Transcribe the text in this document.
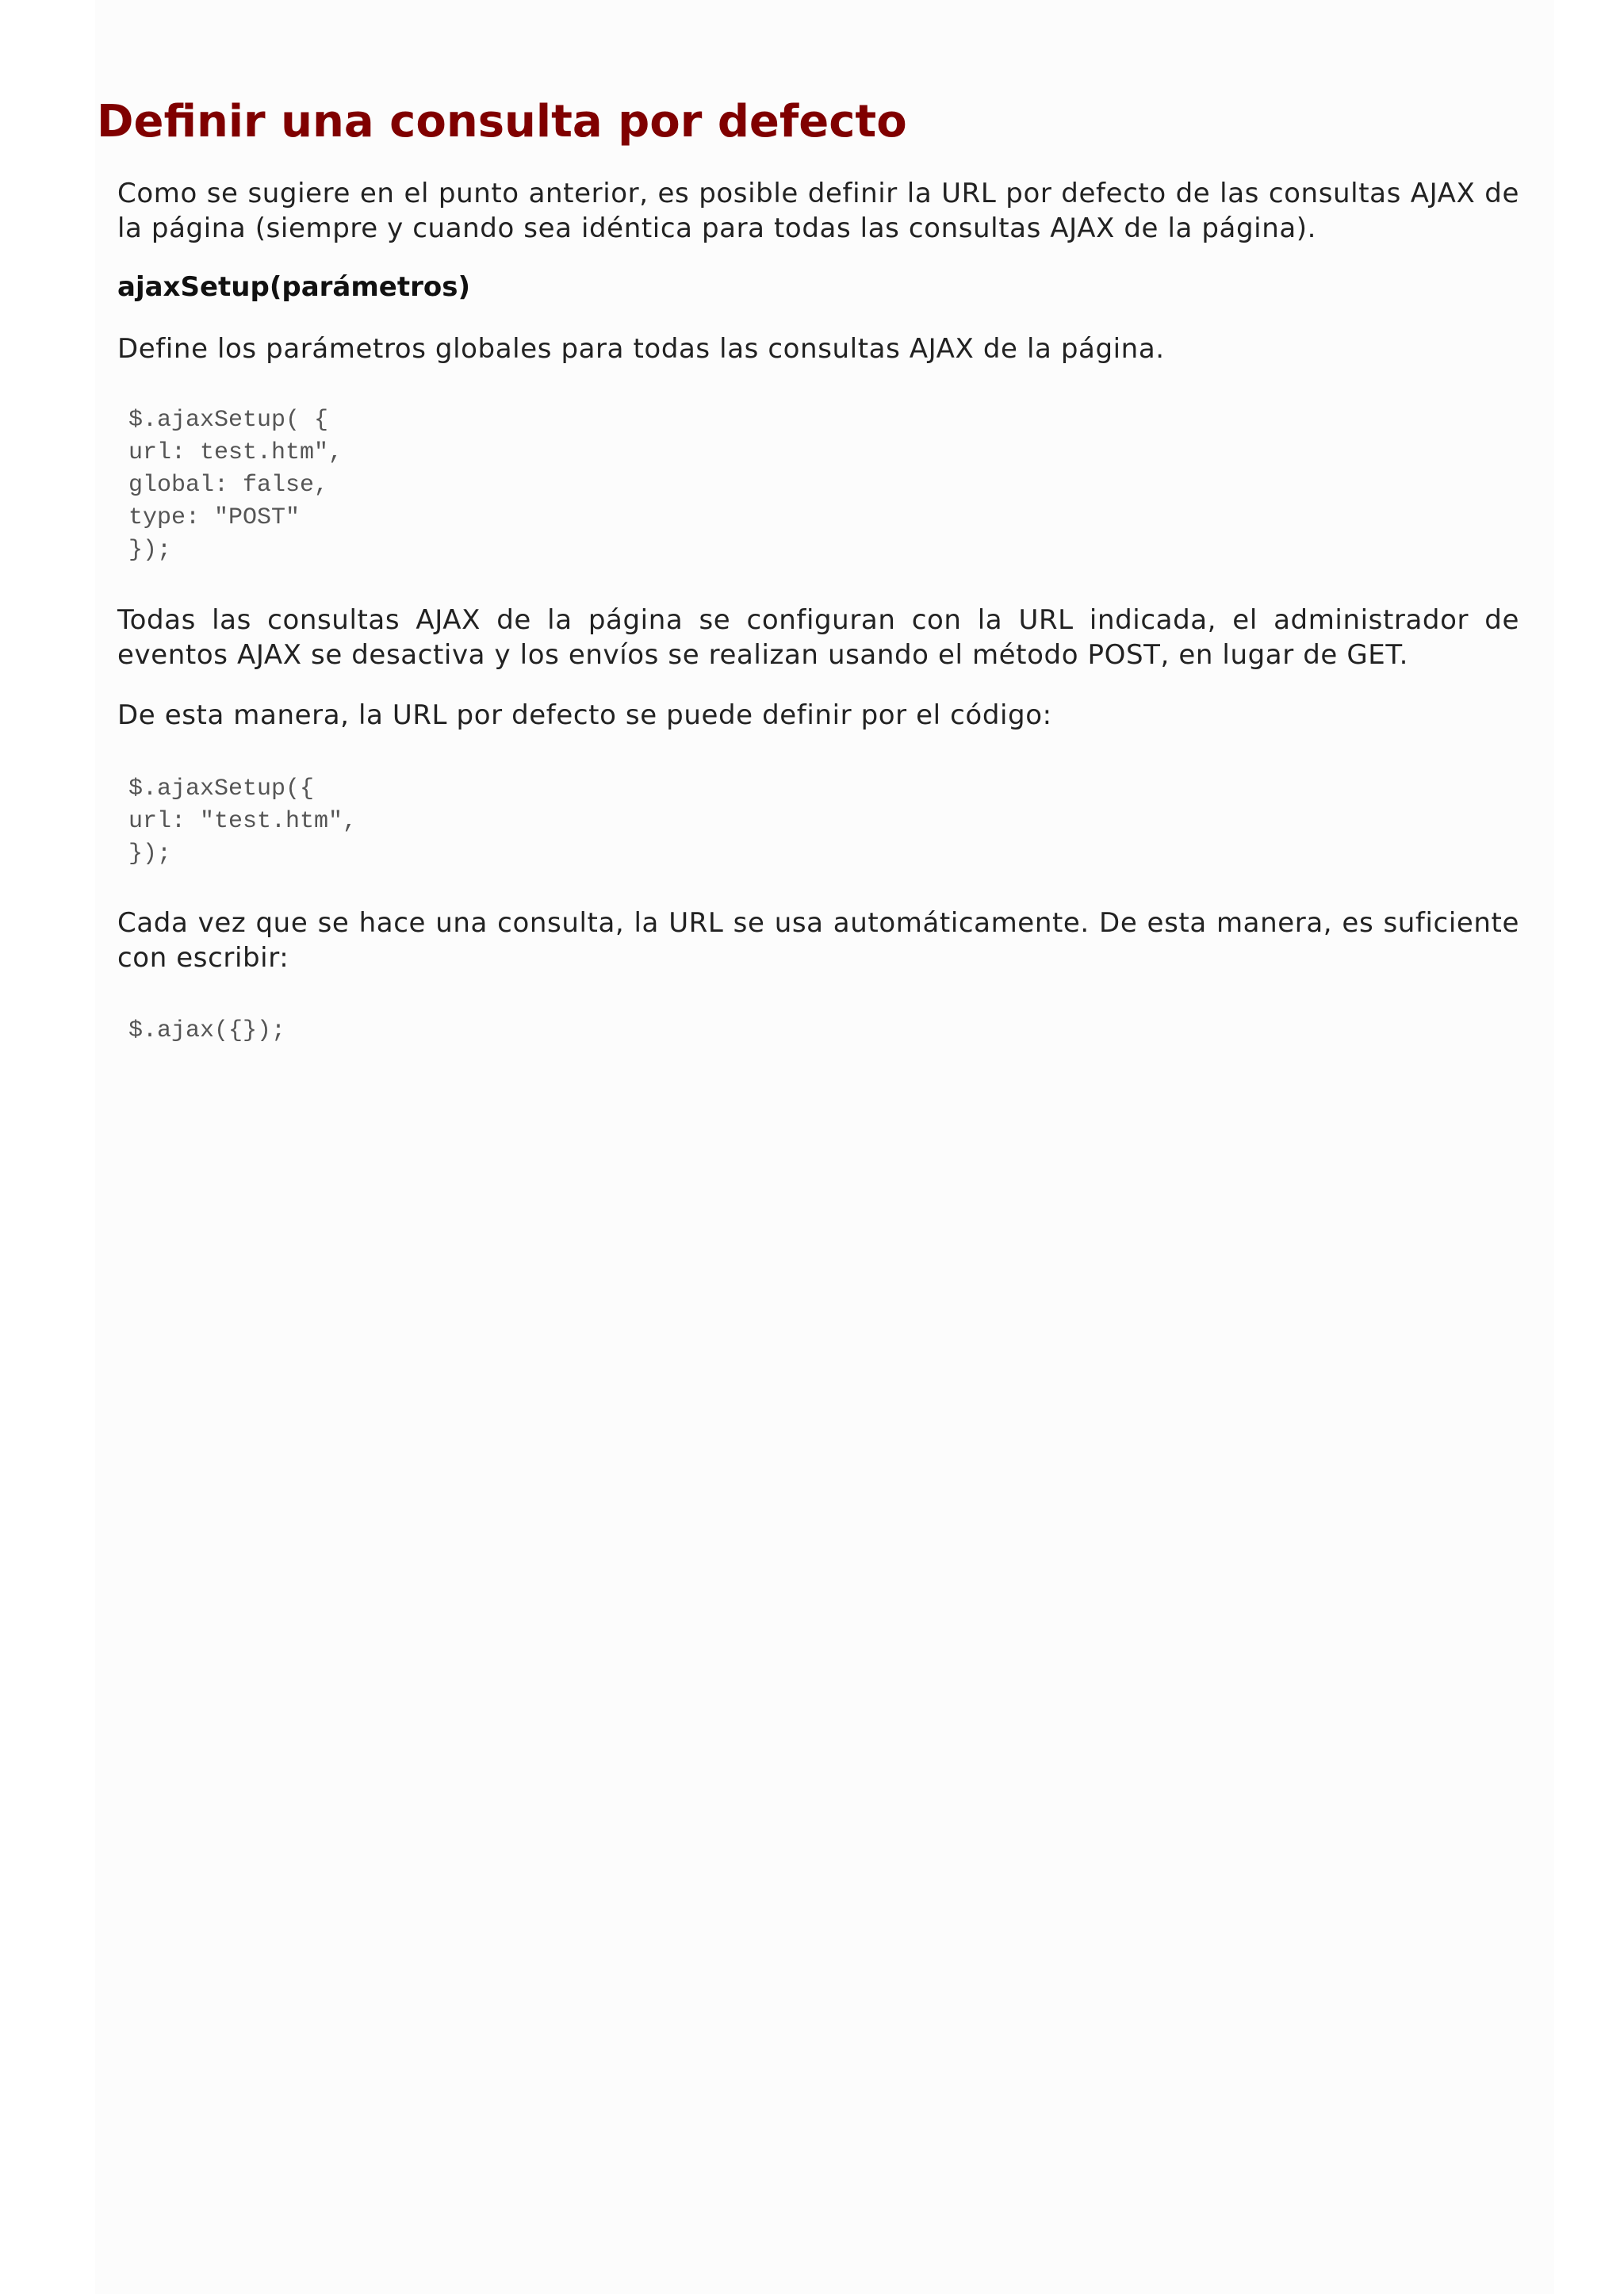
Definir una consulta por defecto

Como se sugiere en el punto anterior, es posible definir la URL por defecto de las consultas AJAX de la página (siempre y cuando sea idéntica para todas las consultas AJAX de la página).

ajaxSetup(parámetros)

Define los parámetros globales para todas las consultas AJAX de la página.

$.ajaxSetup( {
url: test.htm",
global: false,
type: "POST"
});

Todas las consultas AJAX de la página se configuran con la URL indicada, el administrador de eventos AJAX se desactiva y los envíos se realizan usando el método POST, en lugar de GET.

De esta manera, la URL por defecto se puede definir por el código:

$.ajaxSetup({
url: "test.htm",
});

Cada vez que se hace una consulta, la URL se usa automáticamente. De esta manera, es suficiente con escribir:

$.ajax({});
